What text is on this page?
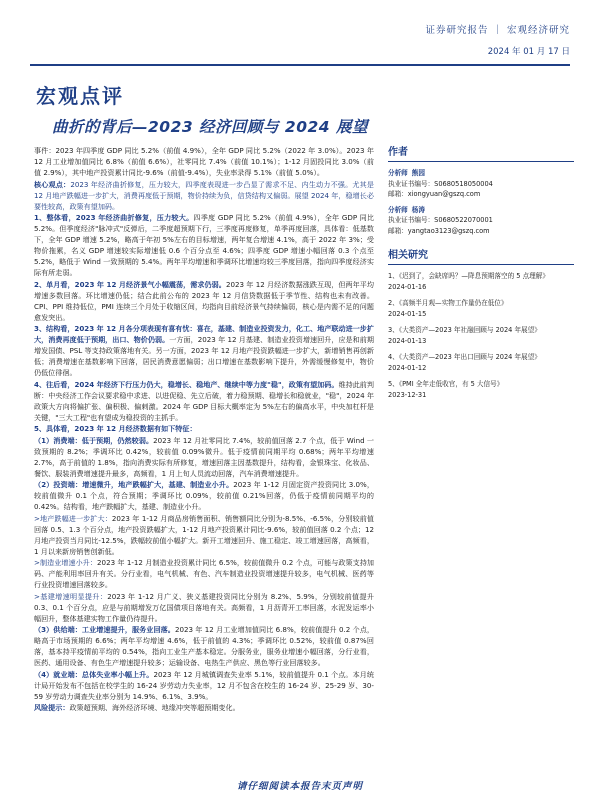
证券研究报告 ｜ 宏观经济研究
2024 年 01 月 17 日
宏观点评
曲折的背后—2023 经济回顾与 2024 展望

事件：2023 年四季度 GDP 同比 5.2%（前值 4.9%），全年 GDP 同比 5.2%（2022 年 3.0%）。2023 年 12 月工业增加值同比 6.8%（前值 6.6%），社零同比 7.4%（前值 10.1%）；1-12 月固投同比 3.0%（前值 2.9%），其中地产投资累计同比-9.6%（前值-9.4%），失业率录得 5.1%（前值 5.0%）。

核心观点：2023 年经济曲折修复，压力较大，四季度表现进一步凸显了需求不足、内生动力不强。尤其是 12 月地产跌幅进一步扩大，消费再度低于预期，物价持续为负，信贷结构又偏弱。展望 2024 年，稳增长必要性较高，政策有望加码。

1、整体看，2023 年经济曲折修复，压力较大。四季度 GDP 同比 5.2%（前值 4.9%），全年 GDP 同比 5.2%。但季度经济"脉冲式"反弹后，二季度超预期下行，三季度再度修复，单季再度回落，具体看：低基数下，全年 GDP 增速 5.2%，略高于年初 5%左右的目标增速，两年复合增速 4.1%，高于 2022 年 3%；受物价拖累，名义 GDP 增速较实际增速低 0.6 个百分点至 4.6%；四季度 GDP 增速小幅回落 0.3 个点至 5.2%，略低于 Wind 一致预期的 5.4%。两年平均增速和季调环比增速均较三季度回落，指向四季度经济实际有所走弱。

2、单月看，2023 年 12 月经济景气小幅震荡，需求仍弱。2023 年 12 月经济数据涨跌互现，但两年平均增速多数回落。环比增速仍低；结合此前公布的 2023 年 12 月信贷数据低于季节性、结构也未有改善。CPI、PPI 维持低位，PMI 连续三个月处于收缩区间，均指向目前经济景气持续偏弱，核心是内需不足的问题愈发突出。

3、结构看，2023 年 12 月各分项表现有喜有忧：喜在，基建、制造业投资发力，化工、地产联动进一步扩大，消费再度低于预期，出口、物价仍弱。一方面，2023 年 12 月基建、制造业投资增速回升，应是和前期增发国债、PSL 等支持政策落地有关。另一方面，2023 年 12 月地产投资跌幅进一步扩大，新增销售再创新低；消费增速在基数影响下回落，居民消费意愿偏弱；出口增速在基数影响下提升，外需缓慢修复中，物价仍低位徘徊。

4、往后看，2024 年经济下行压力仍大，稳增长、稳地产、继续中等力度"稳"，政策有望加码。维持此前判断：中央经济工作会议要求稳中求进、以进促稳、先立后破，着力稳预期、稳增长和稳就业，"稳"，2024 年政策大方向将偏扩张、偏积极、偏刺激。2024 年 GDP 目标大概率定为 5%左右的偏高水平，中央加杠杆是关键，"三大工程"也有望成为稳投资的主抓手。

5、具体看，2023 年 12 月经济数据有如下特征：

（1）消费端：低于预期，仍然较弱。2023 年 12 月社零同比 7.4%，较前值回落 2.7 个点，低于 Wind 一致预期的 8.2%；季调环比 0.42%，较前值 0.09%微升。低于疫情前同期平均 0.68%；两年平均增速 2.7%，高于前值的 1.8%，指向消费实际有所修复，增速回落主因基数提升，结构看，金银珠宝、化妆品、餐饮、服装消费增速提升最多，高频看，1 月上旬人员流动回落，汽车消费增速提升。

（2）投资端：增速微升，地产跌幅扩大，基建、制造业小升。2023 年 1-12 月固定资产投资同比 3.0%，较前值微升 0.1 个点，符合预期；季调环比 0.09%，较前值 0.21%回落，仍低于疫情前同期平均的 0.42%。结构看，地产跌幅扩大，基建、制造业小升。

>地产跌幅进一步扩大：2023 年 1-12 月商品房销售面积、销售额同比分别为-8.5%、-6.5%，分别较前值回落 0.5、1.3 个百分点，地产投资跌幅扩大，1-12 月地产投资累计同比-9.6%，较前值回落 0.2 个点；12 月地产投资当月同比-12.5%，跌幅较前值小幅扩大。新开工增速回升、施工稳定、竣工增速回落，高频看，1 月以来新房销售创新低。

>制造业增速小升：2023 年 1-12 月制造业投资累计同比 6.5%，较前值微升 0.2 个点，可能与政策支持加码、产能利用率回升有关。分行业看，电气机械、有色、汽车制造业投资增速提升较多，电气机械、医药等行业投资增速回落较多。

>基建增速明显提升：2023 年 1-12 月广义、狭义基建投资同比分别为 8.2%、5.9%，分别较前值提升 0.3、0.1 个百分点，应是与前期增发万亿国债项目落地有关。高频看，1 月沥青开工率回落，水泥发运率小幅回升，整体基建实物工作量仍待提升。

（3）供给端：工业增速提升，服务业回落。2023 年 12 月工业增加值同比 6.8%，较前值提升 0.2 个点，略高于市场预期的 6.6%；两年平均增速 4.6%，低于前值的 4.3%；季调环比 0.52%，较前值 0.87%回落，基本持平疫情前平均的 0.54%，指向工业生产基本稳定。分服务业，服务业增速小幅回落，分行业看，医药、通用设备、有色生产增速提升较多；运输设备、电热生产供应、黑色等行业回落较多。

（4）就业端：总体失业率小幅上升。2023 年 12 月城镇调查失业率 5.1%，较前值提升 0.1 个点。本月统计局开始发布不包括在校学生的 16-24 岁劳动力失业率，12 月不包含在校生的 16-24 岁、25-29 岁、30-59 岁劳动力调查失业率分别为 14.9%、6.1%、3.9%。

风险提示：政策超预期、海外经济环境、地缘冲突等超预期变化。

作者
分析师 熊园
执业证书编号：S0680518050004
邮箱：xiongyuan@gszq.com
分析师 杨涛
执业证书编号：S0680522070001
邮箱：yangtao3123@gszq.com
相关研究
1、《迟到了，会缺席吗？—降息预期落空的 5 点理解》
2024-01-16
2、《高频半月观—实物工作量仍在低位》
2024-01-15
3、《大类资产—2023 年社融回顾与 2024 年展望》
2024-01-13
4、《大类资产—2023 年出口回顾与 2024 年展望》
2024-01-12
5、《PMI 全年走低收官，有 5 大信号》
2023-12-31
请仔细阅读本报告末页声明
